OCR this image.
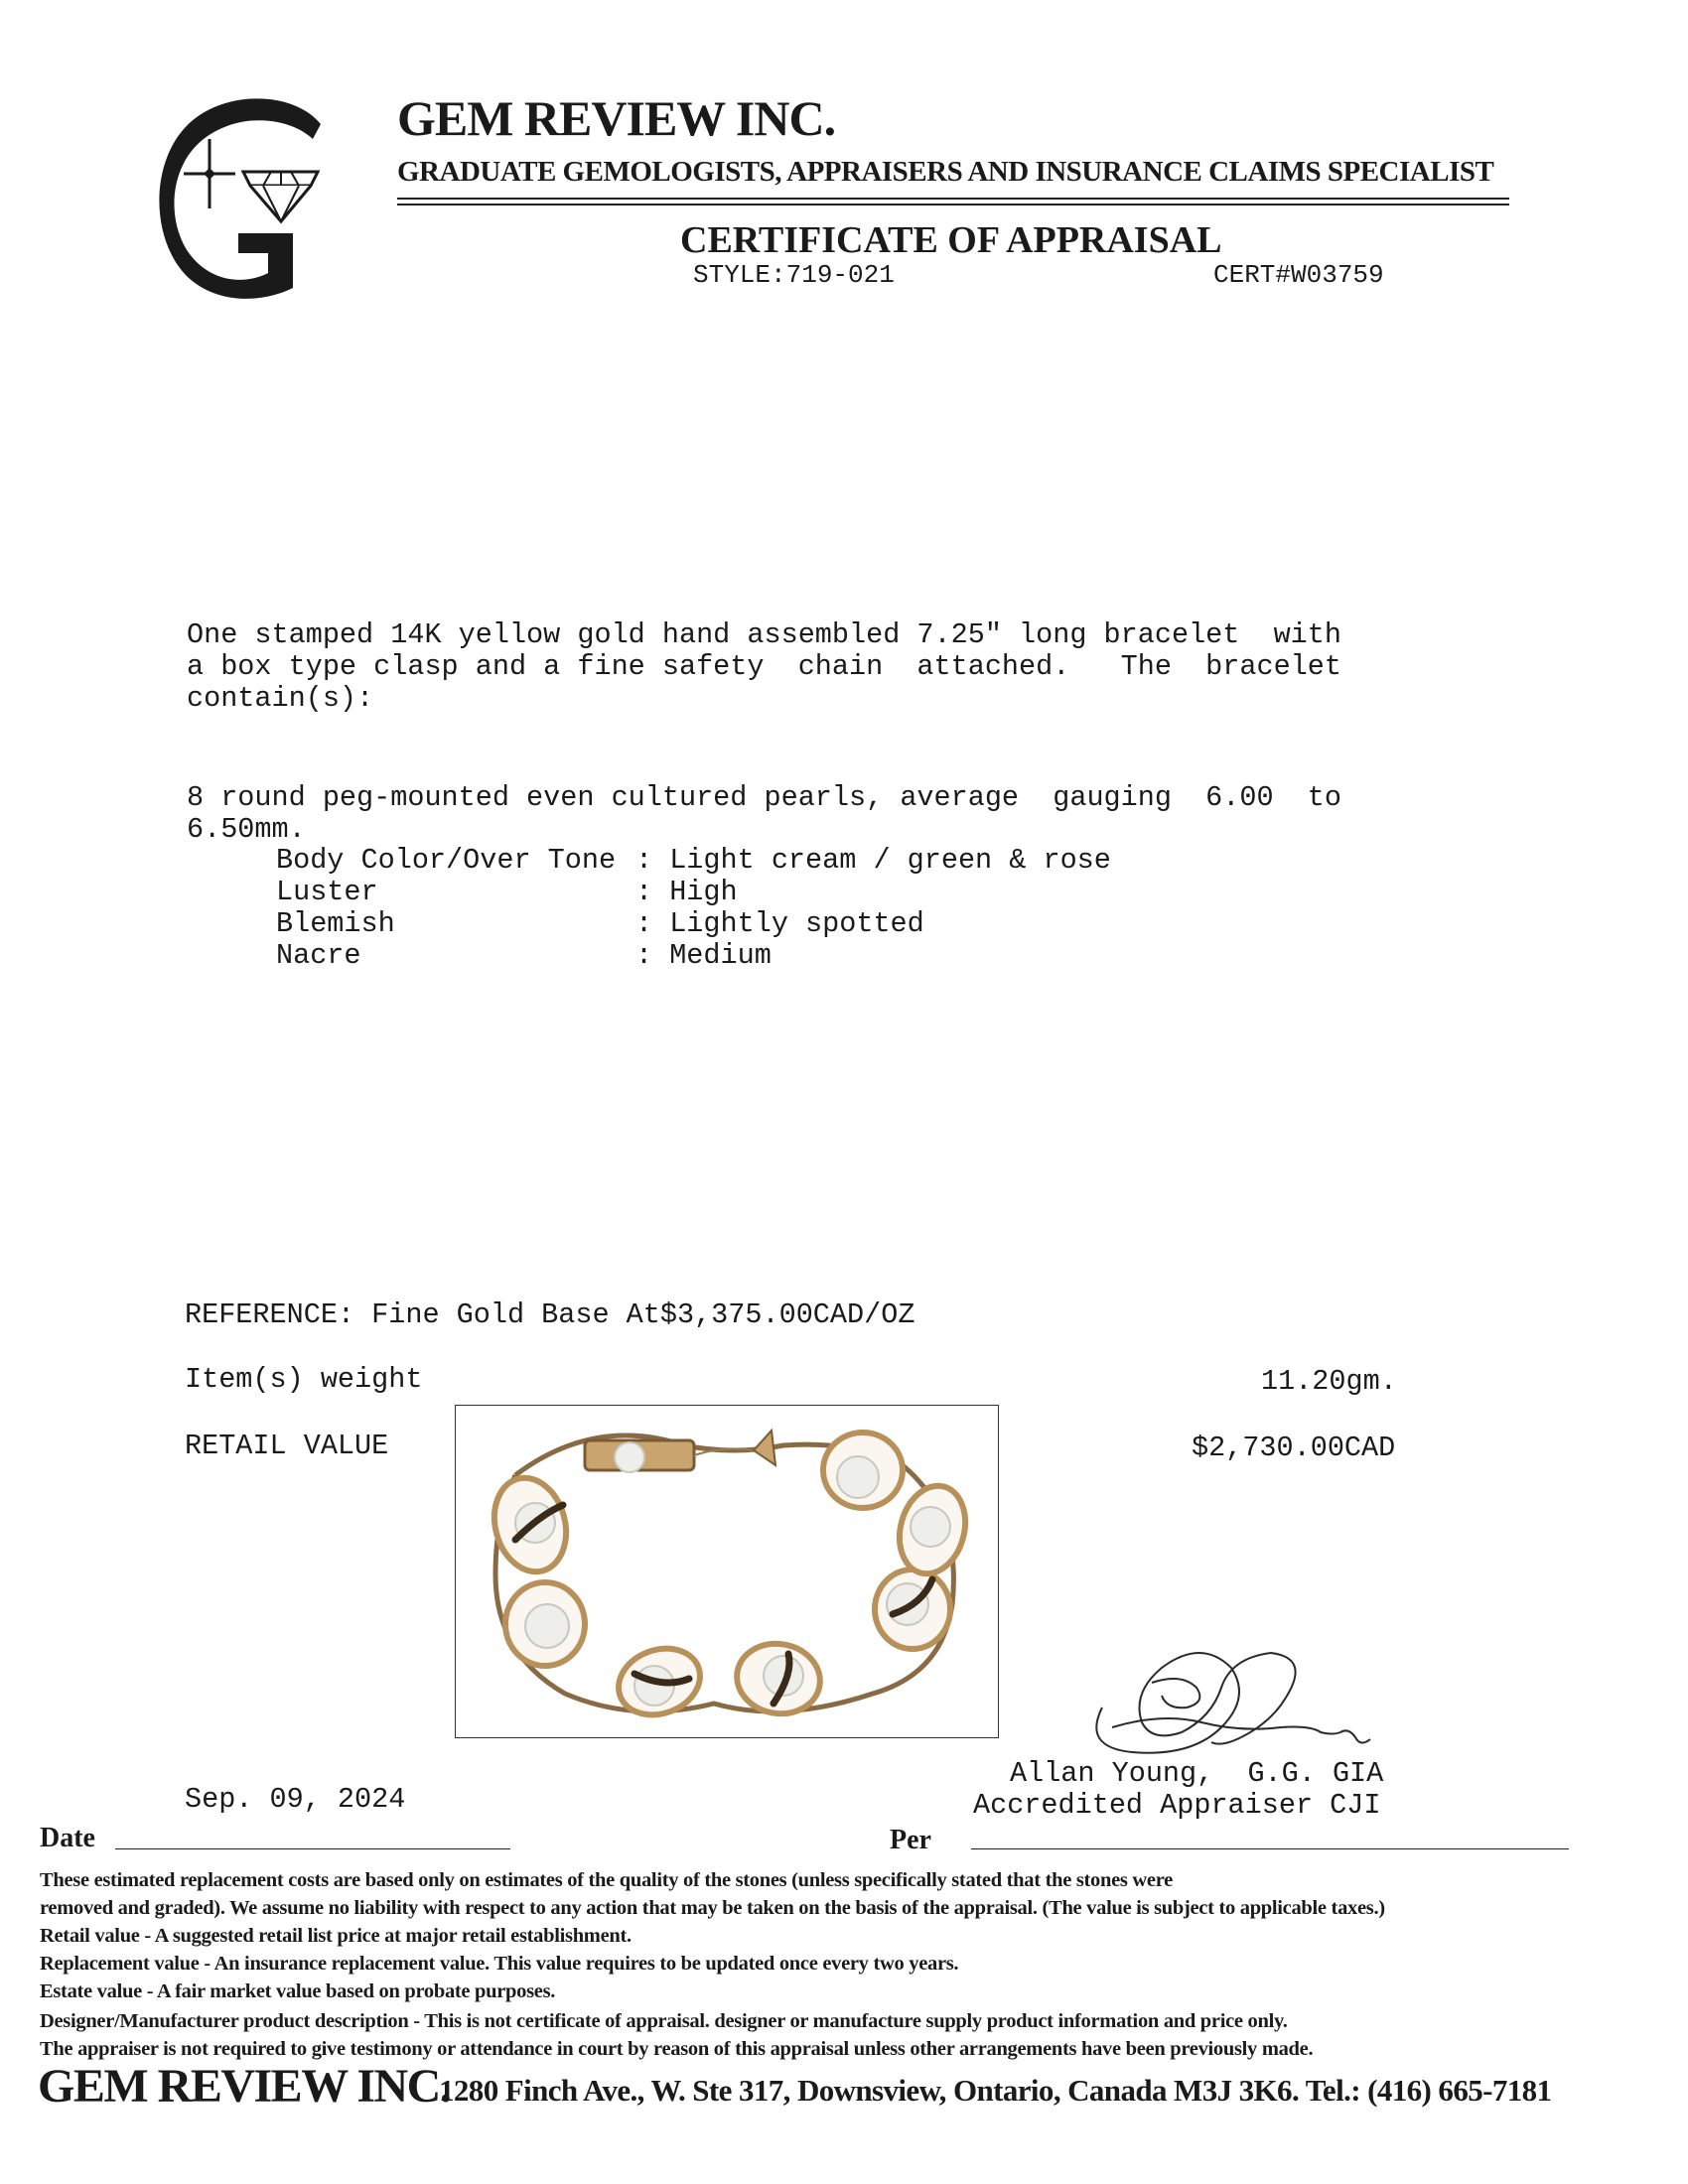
GEM REVIEW INC.
GRADUATE GEMOLOGISTS, APPRAISERS AND INSURANCE CLAIMS SPECIALIST
CERTIFICATE OF APPRAISAL
STYLE:719-021	CERT#W03759
One stamped 14K yellow gold hand assembled 7.25" long bracelet  with
a box type clasp and a fine safety  chain  attached.   The  bracelet
contain(s):
8 round peg-mounted even cultured pearls, average  gauging  6.00  to
6.50mm.
Body Color/Over Tone : Light cream / green & rose
Luster	: High
Blemish	: Lightly spotted
Nacre	: Medium
REFERENCE: Fine Gold Base At$3,375.00CAD/OZ
Item(s) weight	11.20gm.
RETAIL VALUE	$2,730.00CAD
Allan Young,  G.G. GIA
Accredited Appraiser CJI
Sep. 09, 2024
Date	Per
These estimated replacement costs are based only on estimates of the quality of the stones (unless specifically stated that the stones were
removed and graded). We assume no liability with respect to any action that may be taken on the basis of the appraisal. (The value is subject to applicable taxes.)
Retail value - A suggested retail list price at major retail establishment.
Replacement value - An insurance replacement value. This value requires to be updated once every two years.
Estate value - A fair market value based on probate purposes.
Designer/Manufacturer product description - This is not certificate of appraisal. designer or manufacture supply product information and price only.
The appraiser is not required to give testimony or attendance in court by reason of this appraisal unless other arrangements have been previously made.
GEM REVIEW INC.
1280 Finch Ave., W. Ste 317, Downsview, Ontario, Canada M3J 3K6. Tel.: (416) 665-7181
